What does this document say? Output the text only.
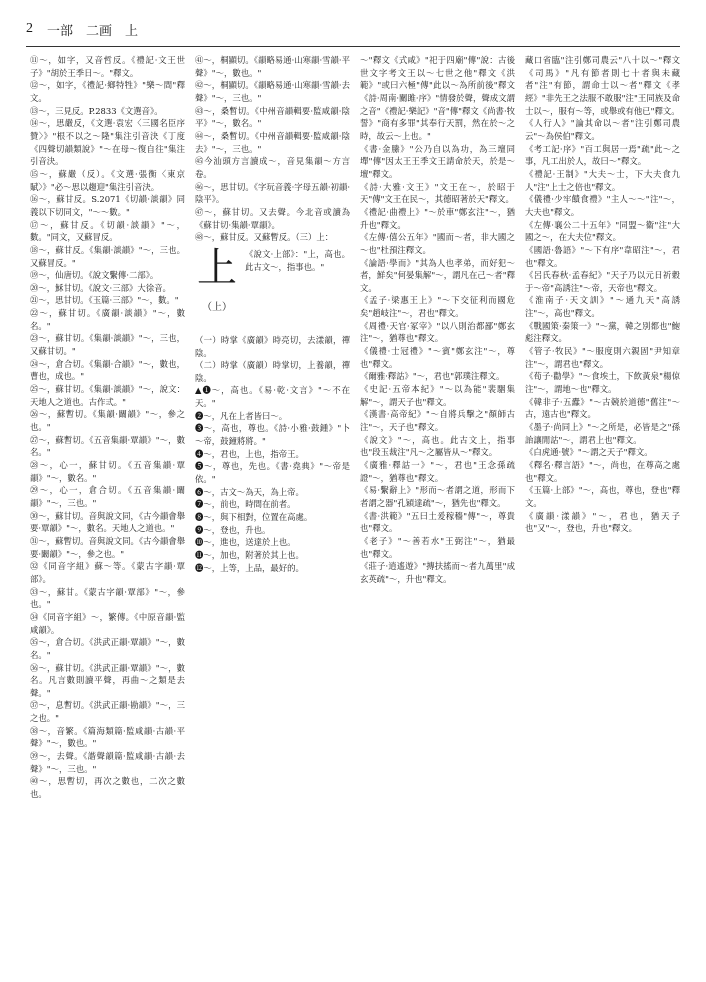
2 一部　二画　上

⑪～，如字，又音哲反。《禮記·文王世子》"胡於王季日～。"釋文。

⑫～，如字，《禮記·鄉特牲》"樂～間"釋文。

⑬～，三見反。P.2833《文選音》。

⑭～，思嚴反，《文選·袁宏〈三國名臣序贊〉》"根不以之～隆"集注引音決《丁度《四聲切韻類說》"～在母～復自往"集注引音決。

⑮～，蘇嚴（反）。《文選·張衡〈東京賦〉》"必～思以趨迎"集注引音決。

⑯～，蘇甘反。S.2071《切韻·談韻》同義以下切同文，"～～數。"

⑰～，蘇甘反。《切韻·談韻》"～，數。"同文，又蘇冒反。

⑱～，蘇甘反。《集韻·談韻》"～，三也。又蘇冒反。"

⑲～，仙唐切。《說文繫傳·二部》。

⑳～，穌甘切。《說文·三部》大徐音。

㉑～，思甘切。《玉篇·三部》"～，數。"

㉒～，蘇甘切。《廣韻·談韻》"～，數名。"

㉓～，蘇甘切。《集韻·談韻》"～，三也，又蘇甘切。"

㉔～，倉合切。《集韻·合韻》"～，數也，曹也，成也。"

㉕～，蘇甘切。《集韻·談韻》"～，說文：天地人之道也。古作弎。"

㉖～，蘇暫切。《集韻·闞韻》"～，參之也。"

㉗～，蘇暫切。《五音集韻·覃韻》"～，數名。"

㉘～，心一，蘇甘切。《五音集韻·覃韻》"～，數名。"

㉙～，心一，倉合切。《五音集韻·闞韻》"～，三也。"

㉚～，蘇甘切。音與說文同，《古今韻會舉要·覃韻》"～，數名。天地人之道也。"

㉛～，蘇暫切。音與說文同。《古今韻會舉要·闞韻》"～，參之也。"

㉜《同音字組》蘇～等。《蒙古字韻·覃部》。

㉝～，蘇甘。《蒙古字韻·覃部》"～，參也。"

㉞《同音字組》～，繁傳。《中原音韻·監咸韻》。

㉟～，倉合切。《洪武正韻·覃韻》"～，數名。"

㊱～，蘇甘切。《洪武正韻·覃韻》"～，數名。凡言數則讀平聲，再曲～之類是去聲。"

㊲～，息暫切。《洪武正韻·勘韻》"～，三之也。"

㊳～，音繁。《篇海類篇·監咸韻·古韻·平聲》"～，數也。"

㊴～，去聲。《諧聲韻篇·監咸韻·古韻·去聲》"～，三也。"

㊵～，思暫切，再次之數也，二次之數也。

㊶～，桐顯切。《韻略易通·山寒韻·雪韻·平聲》"～，數也。"

㊷～，桐顯切。《韻略易通·山寒韻·雪韻·去聲》"～，三也。"

㊸～，桑暫切。《中州音韻輯要·監咸韻·陰平》"～，數名。"

㊹～，桑暫切。《中州音韻輯要·監咸韻·陰去》"～，三也。"

㊺今汕頭方言讀成～，音見集韻～方言卷。

㊻～，思甘切。《字玩音義·字母五韻·初韻·陰平》。

㊼～，蘇甘切。又去聲。今北音或讀為《蘇甘切·集韻·覃韻》。

㊽～，蘇甘反。又蘇暫反。（三）上：

上$^{(上)}$
《說文·上部》："上，高也。此古文～，指事也。"

（一）時掌《廣韻》時亮切，去漾韻，禪陰。

（二）時掌（廣韻）時掌切，上養韻，禪陰。

▲❶～，高也。《易·乾·文言》"～不在天。"

❷～，凡在上者皆曰～。

❸～，高也，尊也。《詩·小雅·鼓鍾》"卜～帝，鼓鐘將將。"

❹～，君也，上也，指帝王。

❺～，尊也，先也。《書·堯典》"～帝是依。"

❻～，古文～為天，為上帝。

❼～，前也，時間在前者。

❽～，與下相對，位置在高處。

❾～，登也，升也。

❿～，進也，送達於上也。

⓫～，加也，附著於其上也。

⓬～，上等，上品，最好的。

～"釋文《式咸》"祀于四廟"傳"說：古後世文字考文王以～七世之他"釋文《洪範》"或曰六極"傳"此以～為所前後"釋文《詩·周南·關雎·序》"情發於聲，聲成文謂之音"《禮記·樂記》"音"傳"釋文《尚書·牧誓》"商有多罪"其奉行天罰，然在於～之時，故云～上也。"

《書·金縢》"公乃自以為功，為三壇同墠"傳"因太王王季文王請命於天，於是～壇"釋文。

《詩·大雅·文王》"文王在～，於昭于天"傳"文王在民～，其德昭著於天"釋文。

《禮記·曲禮上》"～於車"鄭玄注"～，猶升也"釋文。

《左傳·僖公五年》"國而～者，非大國之～也"杜預注釋文。

《論語·學而》"其為人也孝弟，而好犯～者，鮮矣"何晏集解"～，謂凡在己～者"釋文。

《孟子·梁惠王上》"～下交征利而國危矣"趙岐注"～，君也"釋文。

《周禮·天官·冢宰》"以八則治都鄙"鄭玄注"～，猶尊也"釋文。

《儀禮·士冠禮》"～賓"鄭玄注"～，尊也"釋文。

《爾雅·釋詁》"～，君也"郭璞注釋文。

《史記·五帝本紀》"～以為能"裴駰集解"～，謂天子也"釋文。

《漢書·高帝紀》"～自將兵擊之"顏師古注"～，天子也"釋文。

《說文》"～，高也。此古文上，指事也"段玉裁注"凡～之屬皆从～"釋文。

《廣雅·釋詁一》"～，君也"王念孫疏證"～，猶尊也"釋文。

《易·繫辭上》"形而～者謂之道，形而下者謂之器"孔穎達疏"～，猶先也"釋文。

《書·洪範》"五曰土爰稼穡"傳"～，尊貴也"釋文。

《老子》"～善若水"王弼注"～，猶最也"釋文。

《莊子·逍遙遊》"摶扶搖而～者九萬里"成玄英疏"～，升也"釋文。

藏口省臨"注引鄭司農云"八十以～"釋文《司馬》"凡有節者則七十者與未藏者"注"有節，謂命士以～者"釋文《孝經》"非先王之法服不敢服"注"王同族及命士以～，服有～等，或舉或有他已"釋文。

《人行人》"論其命以～者"注引鄭司農云"～為侯伯"釋文。

《考工記·序》"百工與居一焉"疏"此～之事，凡工出於人，故曰～"釋文。

《禮記·王制》"大夫～士，下大夫食九人"注"上士之倍也"釋文。

《儀禮·少牢饋食禮》"主人～～"注"～，大夫也"釋文。

《左傳·襄公二十五年》"同盟～衞"注"大國之～，在大夫位"釋文。

《國語·魯語》"～下有序"韋昭注"～，君也"釋文。

《呂氏春秋·孟春紀》"天子乃以元日祈穀于～帝"高誘注"～帝，天帝也"釋文。

《淮南子·天文訓》"～通九天"高誘注"～，高也"釋文。

《戰國策·秦策一》"～黨，韓之別都也"鮑彪注釋文。

《管子·牧民》"～服度則六親固"尹知章注"～，謂君也"釋文。

《荀子·勸學》"～食埃土，下飲黃泉"楊倞注"～，謂地～也"釋文。

《韓非子·五蠹》"～古競於道德"舊注"～古，遠古也"釋文。

《墨子·尚同上》"～之所是，必皆是之"孫詒讓閒詁"～，謂君上也"釋文。

《白虎通·號》"～謂之天子"釋文。

《釋名·釋言語》"～，尚也，在尊高之處也"釋文。

《玉篇·上部》"～，高也，尊也，登也"釋文。

《廣韻·漾韻》"～，君也，猶天子也"又"～，登也，升也"釋文。
